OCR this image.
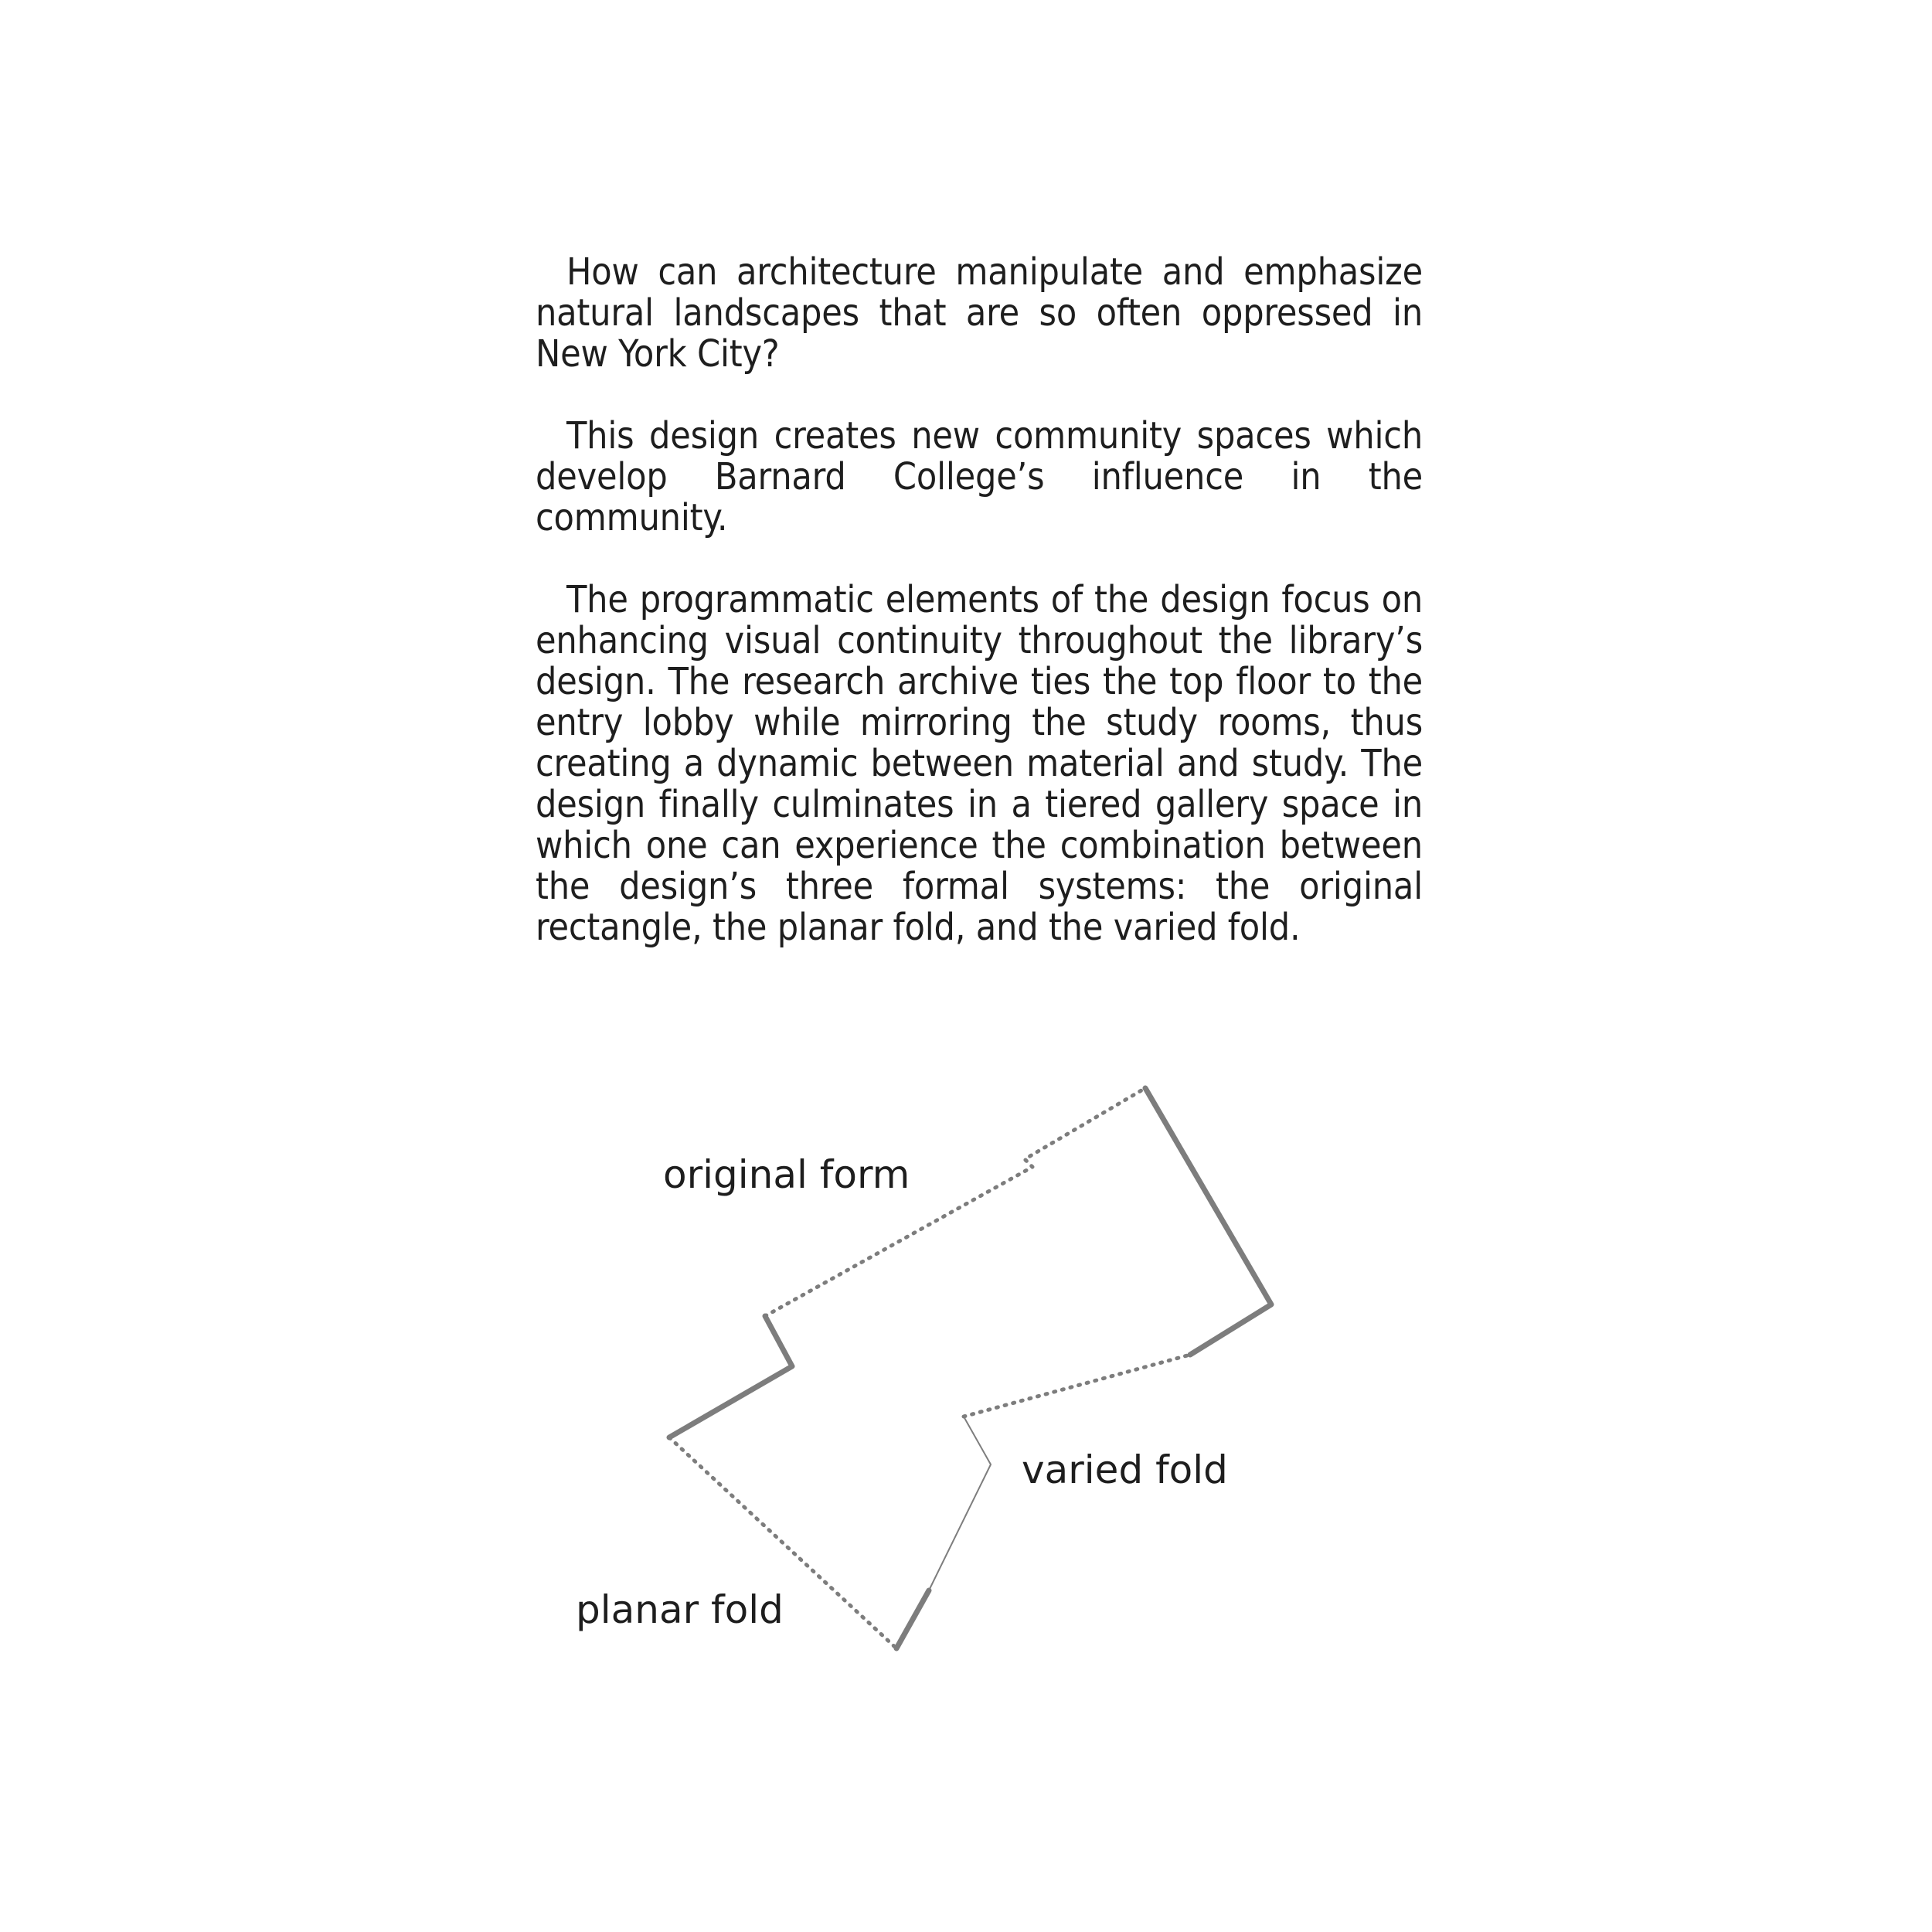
How can architecture manipulate and emphasize natural landscapes that are so often oppressed in New York City?

This design creates new community spaces which develop Barnard College’s influence in the community.

The programmatic elements of the design focus on enhancing visual continuity throughout the library’s design. The research archive ties the top floor to the entry lobby while mirroring the study rooms, thus creating a dynamic between material and study. The design finally culminates in a tiered gallery space in which one can experience the combination between the design’s three formal systems: the original rectangle, the planar fold, and the varied fold.

original form
varied fold
planar fold
